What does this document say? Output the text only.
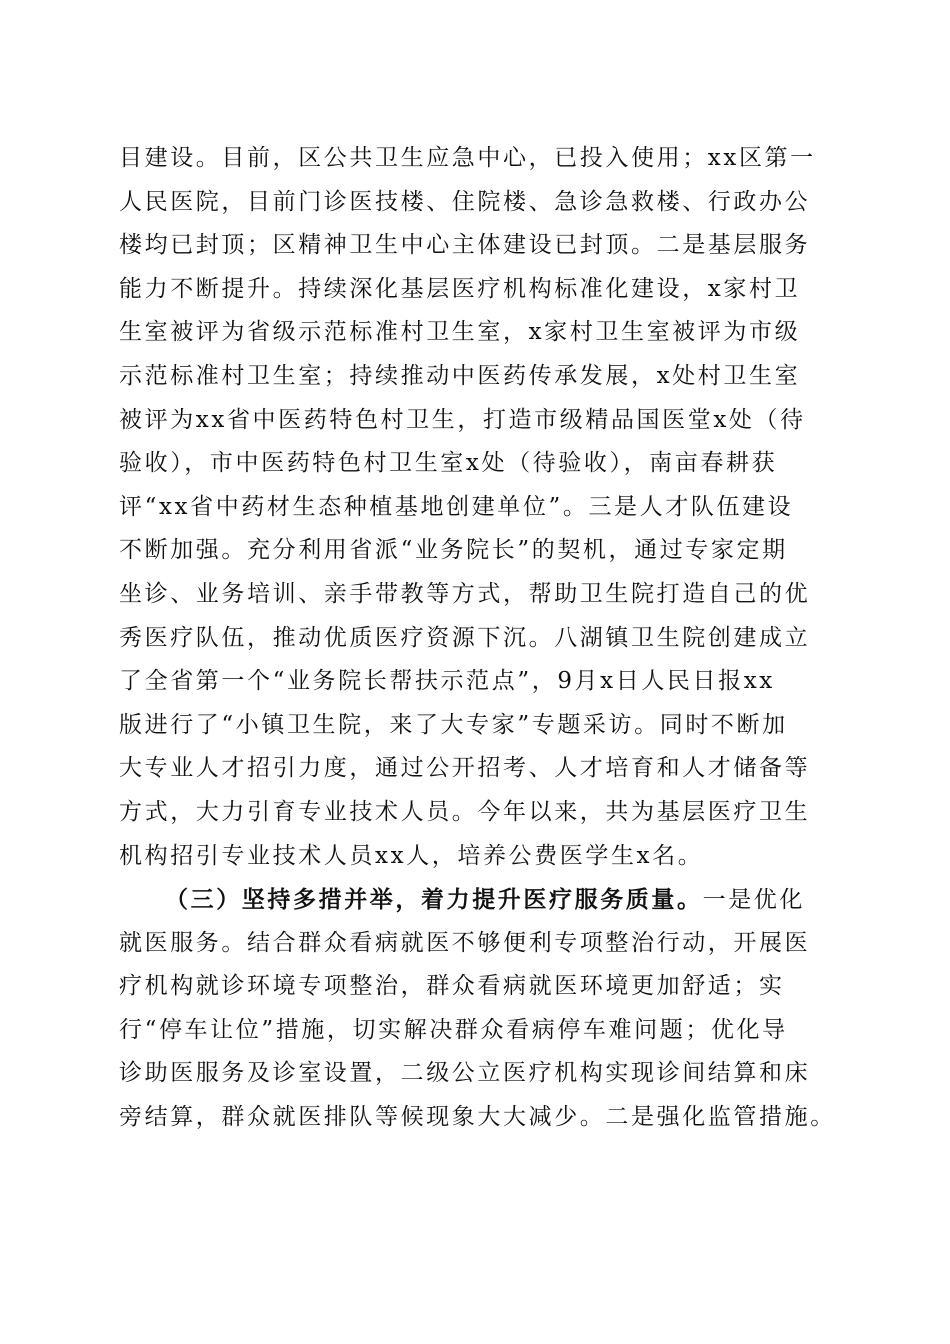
目建设。目前，区公共卫生应急中心，已投入使用；xx区第一
人民医院，目前门诊医技楼、住院楼、急诊急救楼、行政办公
楼均已封顶；区精神卫生中心主体建设已封顶。二是基层服务
能力不断提升。持续深化基层医疗机构标准化建设，x家村卫
生室被评为省级示范标准村卫生室，x家村卫生室被评为市级
示范标准村卫生室；持续推动中医药传承发展，x处村卫生室
被评为xx省中医药特色村卫生，打造市级精品国医堂x处（待
验收），市中医药特色村卫生室x处（待验收），南亩春耕获
评“xx省中药材生态种植基地创建单位”。三是人才队伍建设
不断加强。充分利用省派“业务院长”的契机，通过专家定期
坐诊、业务培训、亲手带教等方式，帮助卫生院打造自己的优
秀医疗队伍，推动优质医疗资源下沉。八湖镇卫生院创建成立
了全省第一个“业务院长帮扶示范点”，9月x日人民日报xx
版进行了“小镇卫生院，来了大专家”专题采访。同时不断加
大专业人才招引力度，通过公开招考、人才培育和人才储备等
方式，大力引育专业技术人员。今年以来，共为基层医疗卫生
机构招引专业技术人员xx人，培养公费医学生x名。
（三）坚持多措并举，着力提升医疗服务质量。一是优化
就医服务。结合群众看病就医不够便利专项整治行动，开展医
疗机构就诊环境专项整治，群众看病就医环境更加舒适；实
行“停车让位”措施，切实解决群众看病停车难问题；优化导
诊助医服务及诊室设置，二级公立医疗机构实现诊间结算和床
旁结算，群众就医排队等候现象大大减少。二是强化监管措施。
